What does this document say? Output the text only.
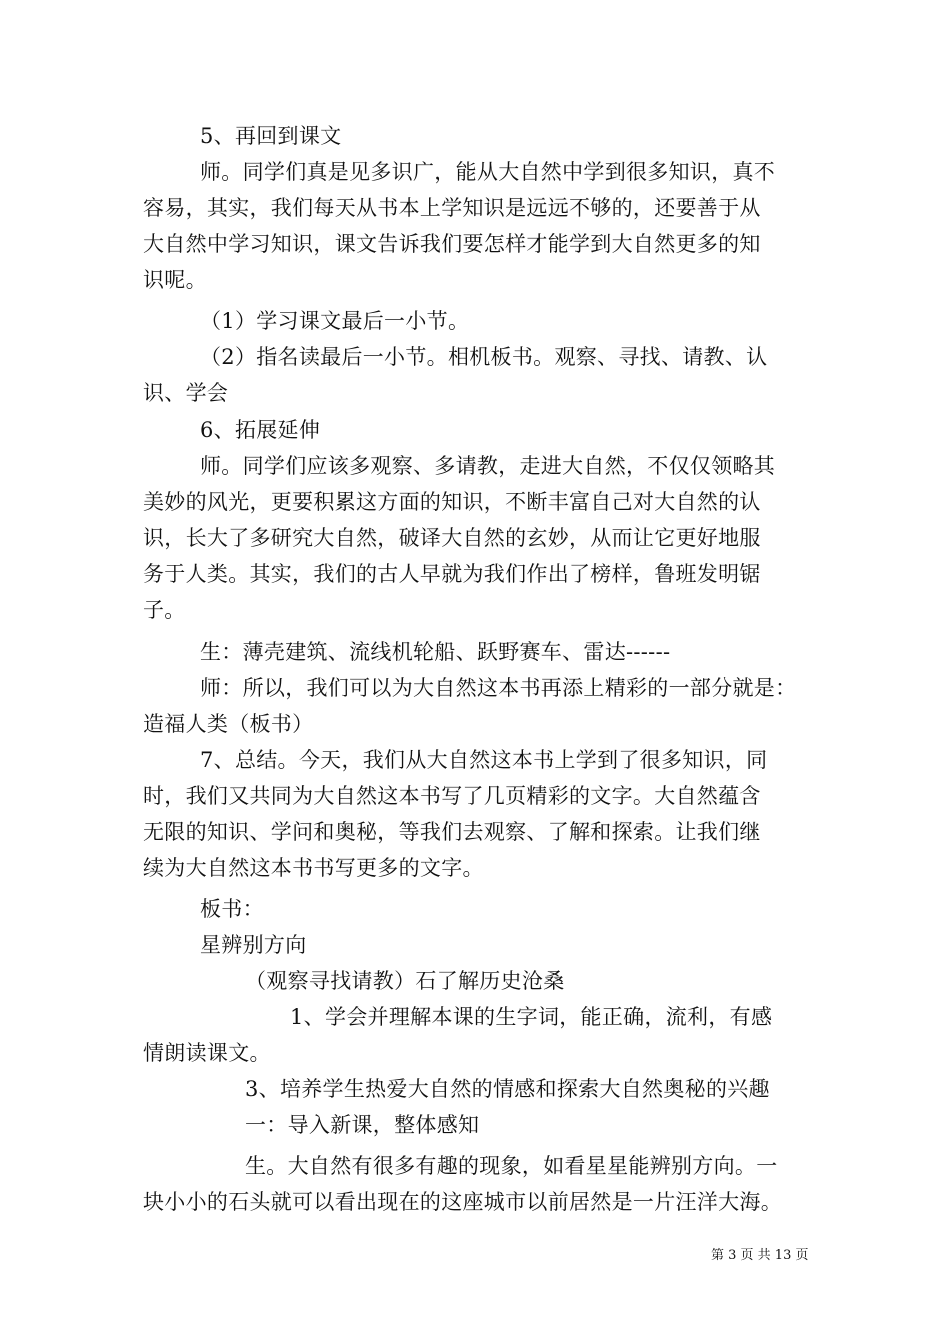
5、再回到课文
师。同学们真是见多识广，能从大自然中学到很多知识，真不
容易，其实，我们每天从书本上学知识是远远不够的，还要善于从
大自然中学习知识，课文告诉我们要怎样才能学到大自然更多的知
识呢。
（1）学习课文最后一小节。
（2）指名读最后一小节。相机板书。观察、寻找、请教、认
识、学会
6、拓展延伸
师。同学们应该多观察、多请教，走进大自然，不仅仅领略其
美妙的风光，更要积累这方面的知识，不断丰富自己对大自然的认
识，长大了多研究大自然，破译大自然的玄妙，从而让它更好地服
务于人类。其实，我们的古人早就为我们作出了榜样，鲁班发明锯
子。
生：薄壳建筑、流线机轮船、跃野赛车、雷达------
师：所以，我们可以为大自然这本书再添上精彩的一部分就是：
造福人类（板书）
7、总结。今天，我们从大自然这本书上学到了很多知识，同
时，我们又共同为大自然这本书写了几页精彩的文字。大自然蕴含
无限的知识、学问和奥秘，等我们去观察、了解和探索。让我们继
续为大自然这本书书写更多的文字。
板书：
星辨别方向
（观察寻找请教）石了解历史沧桑
1、学会并理解本课的生字词，能正确，流利，有感
情朗读课文。
3、培养学生热爱大自然的情感和探索大自然奥秘的兴趣
一：导入新课，整体感知
生。大自然有很多有趣的现象，如看星星能辨别方向。一
块小小的石头就可以看出现在的这座城市以前居然是一片汪洋大海。
第 3 页 共 13 页
